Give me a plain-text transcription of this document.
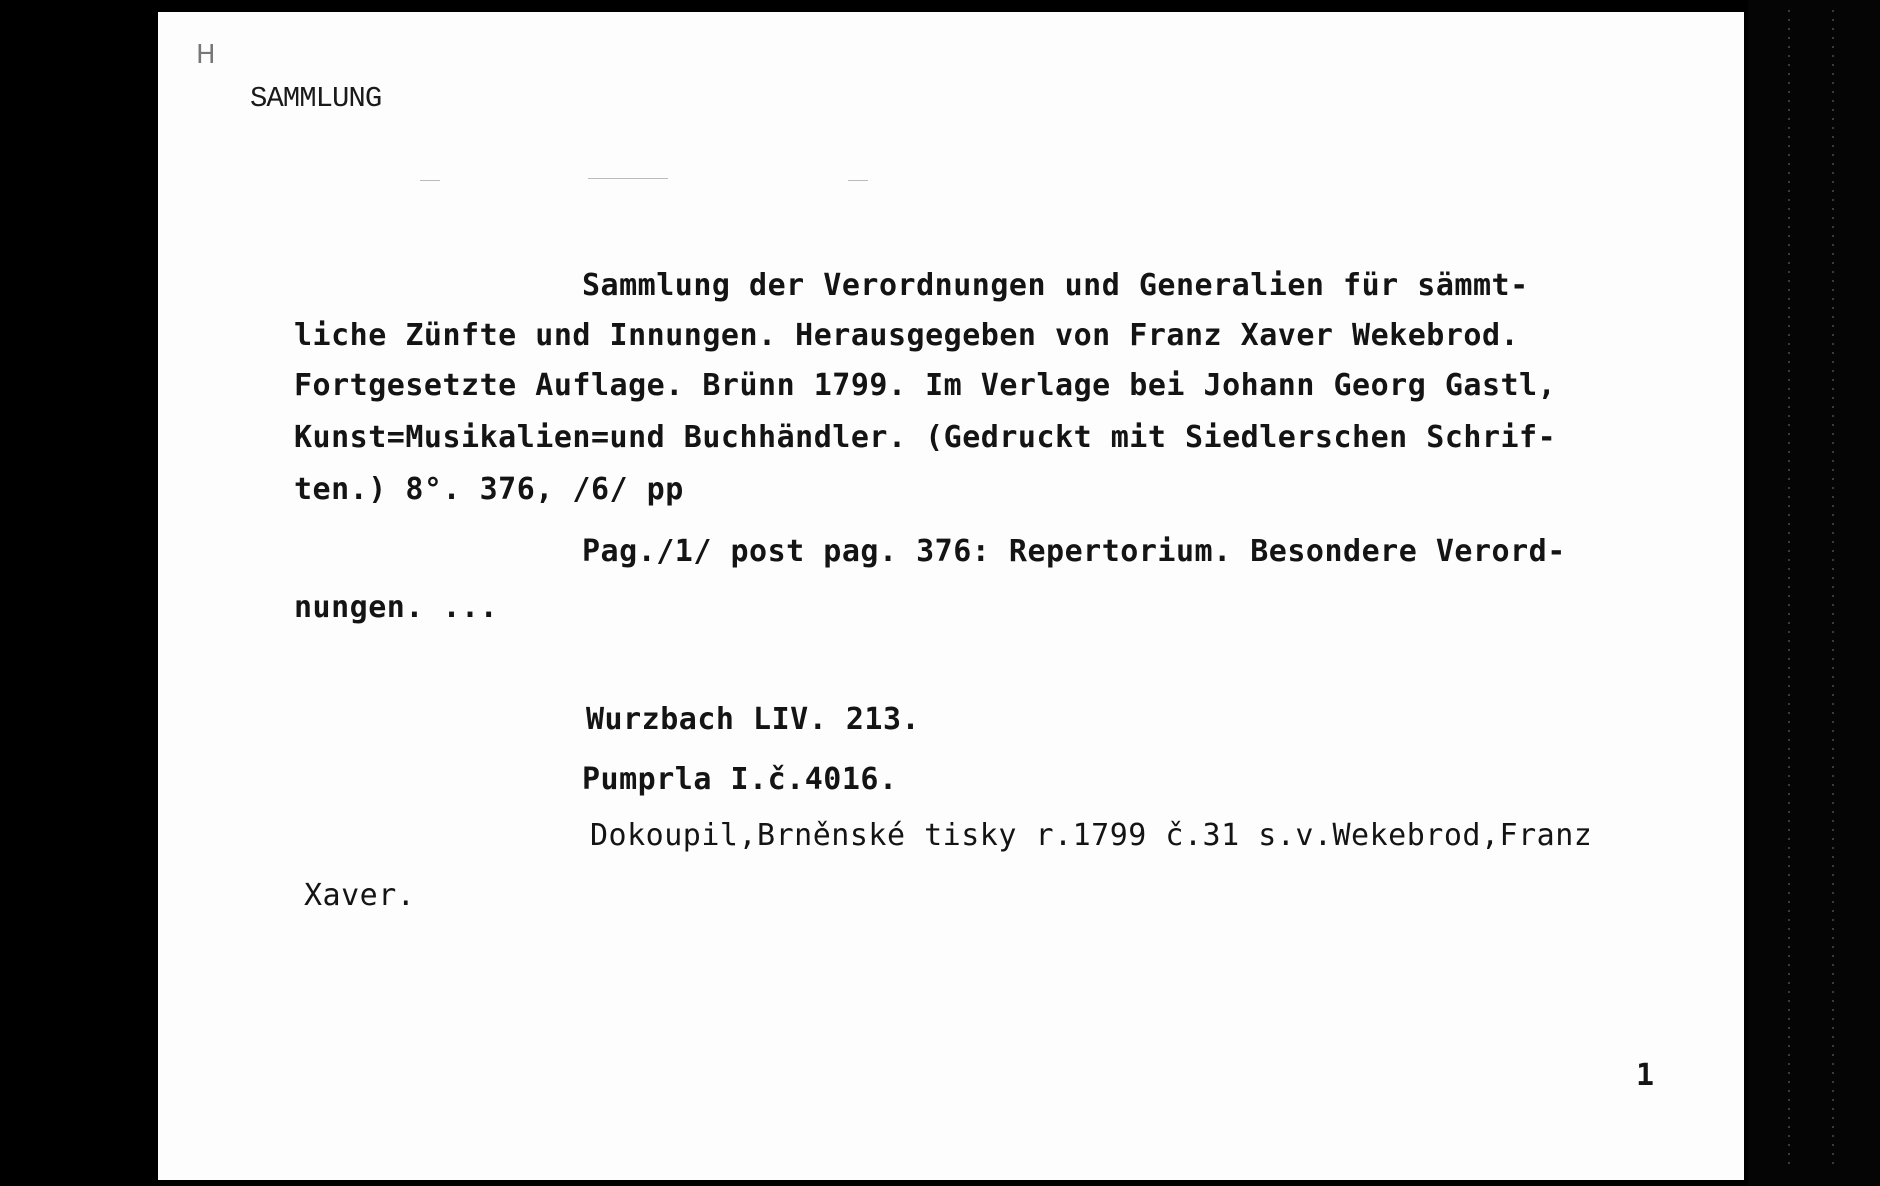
H
SAMMLUNG
Sammlung der Verordnungen und Generalien für sämmt-
liche Zünfte und Innungen. Herausgegeben von Franz Xaver Wekebrod.
Fortgesetzte Auflage. Brünn 1799. Im Verlage bei Johann Georg Gastl,
Kunst=Musikalien=und Buchhändler. (Gedruckt mit Siedlerschen Schrif-
ten.) 8°. 376, /6/ pp
Pag./1/ post pag. 376: Repertorium. Besondere Verord-
nungen. ...
Wurzbach LIV. 213.
Pumprla I.č.4016.
Dokoupil,Brněnské tisky r.1799 č.31 s.v.Wekebrod,Franz
Xaver.
1
